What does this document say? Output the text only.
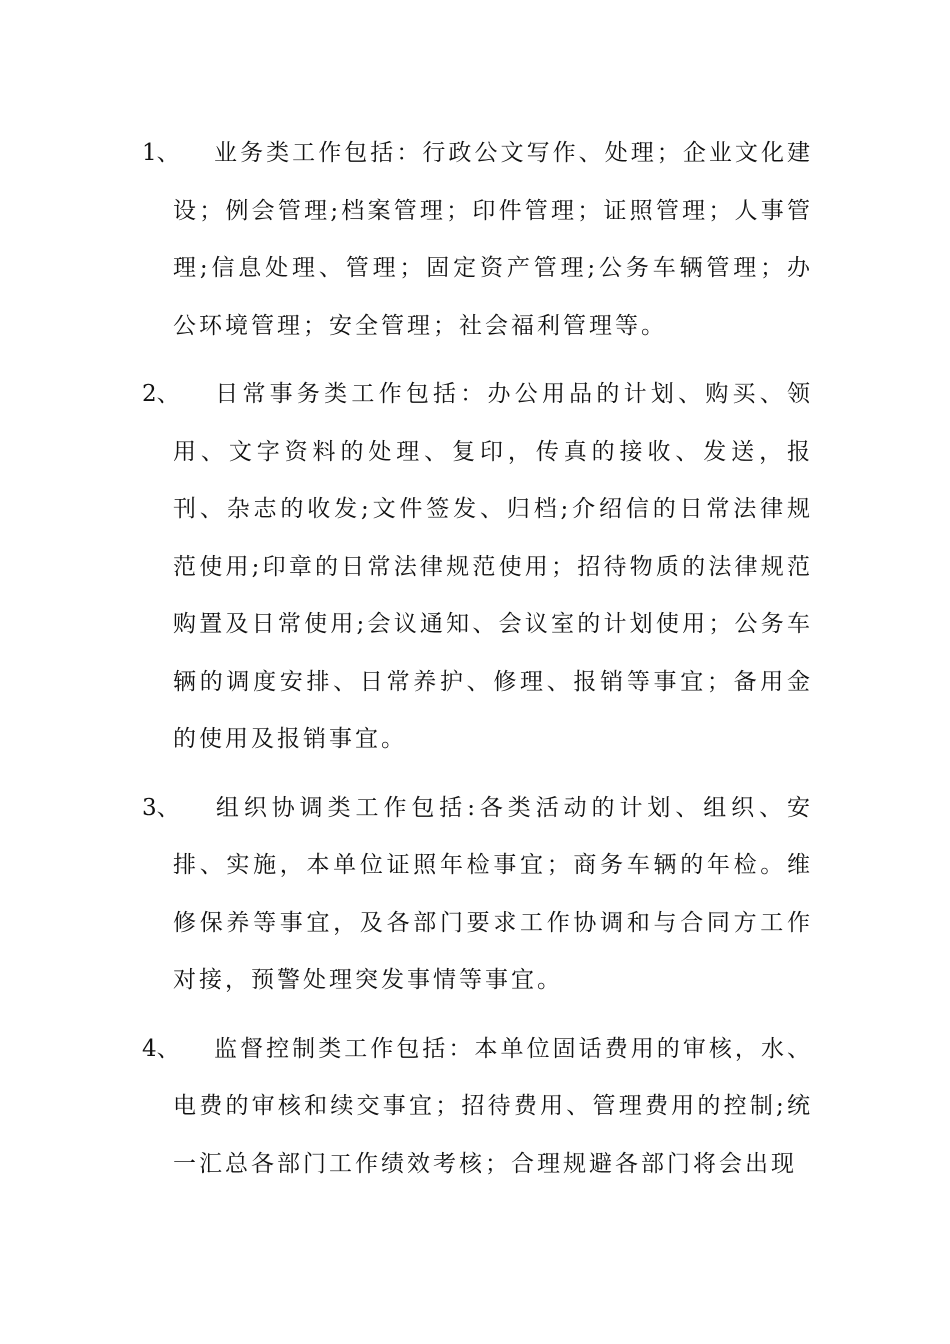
1、 业务类工作包括：行政公文写作、处理；企业文化建设；例会管理;档案管理；印件管理；证照管理；人事管理;信息处理、管理；固定资产管理;公务车辆管理；办公环境管理；安全管理；社会福利管理等。

2、 日常事务类工作包括：办公用品的计划、购买、领用、文字资料的处理、复印，传真的接收、发送，报刊、杂志的收发;文件签发、归档;介绍信的日常法律规范使用;印章的日常法律规范使用；招待物质的法律规范购置及日常使用;会议通知、会议室的计划使用；公务车辆的调度安排、日常养护、修理、报销等事宜；备用金的使用及报销事宜。

3、 组织协调类工作包括:各类活动的计划、组织、安排、实施，本单位证照年检事宜；商务车辆的年检。维修保养等事宜，及各部门要求工作协调和与合同方工作对接，预警处理突发事情等事宜。

4、 监督控制类工作包括：本单位固话费用的审核，水、电费的审核和续交事宜；招待费用、管理费用的控制;统一汇总各部门工作绩效考核；合理规避各部门将会出现
